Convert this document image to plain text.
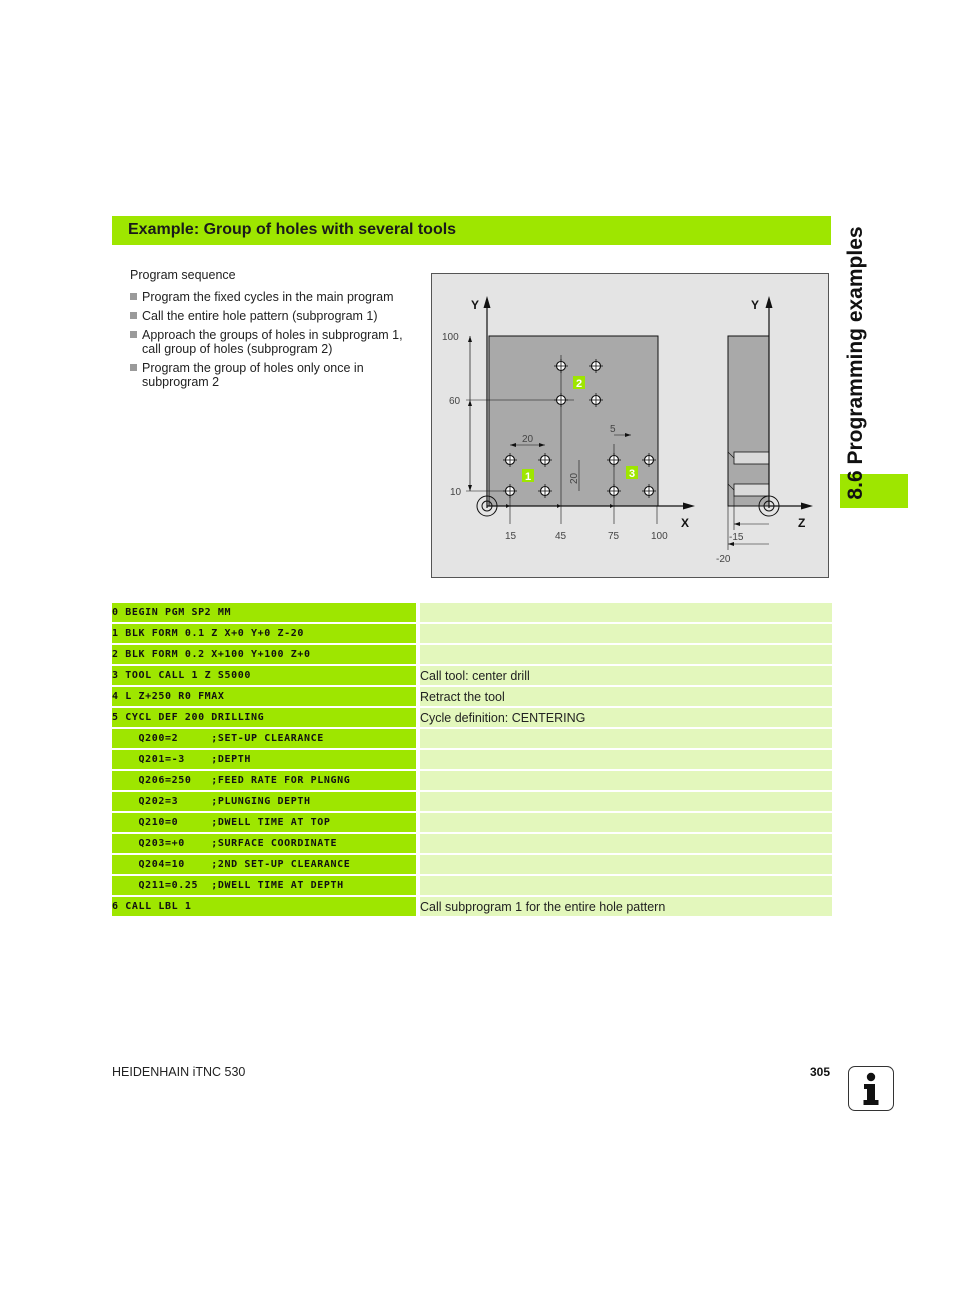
Example: Group of holes with several tools	8.6 Programming examples
Program sequence
Program the fixed cycles in the main program
Call the entire hole pattern (subprogram 1)
Approach the groups of holes in subprogram 1, call group of holes (subprogram 2)
Program the group of holes only once in subprogram 2
Y
X
100
60
10
15	45	75	100
20
20
5
1
2
3
Y
Z
-15
-20
0 BEGIN PGM SP2 MM		
1 BLK FORM 0.1 Z X+0 Y+0 Z-20		
2 BLK FORM 0.2 X+100 Y+100 Z+0		
3 TOOL CALL 1 Z S5000		Call tool: center drill
4 L Z+250 R0 FMAX		Retract the tool
5 CYCL DEF 200 DRILLING		Cycle definition: CENTERING
Q200=2     ;SET-UP CLEARANCE		
Q201=-3    ;DEPTH		
Q206=250   ;FEED RATE FOR PLNGNG		
Q202=3     ;PLUNGING DEPTH		
Q210=0     ;DWELL TIME AT TOP		
Q203=+0    ;SURFACE COORDINATE		
Q204=10    ;2ND SET-UP CLEARANCE		
Q211=0.25  ;DWELL TIME AT DEPTH		
6 CALL LBL 1		Call subprogram 1 for the entire hole pattern
HEIDENHAIN iTNC 530	305
